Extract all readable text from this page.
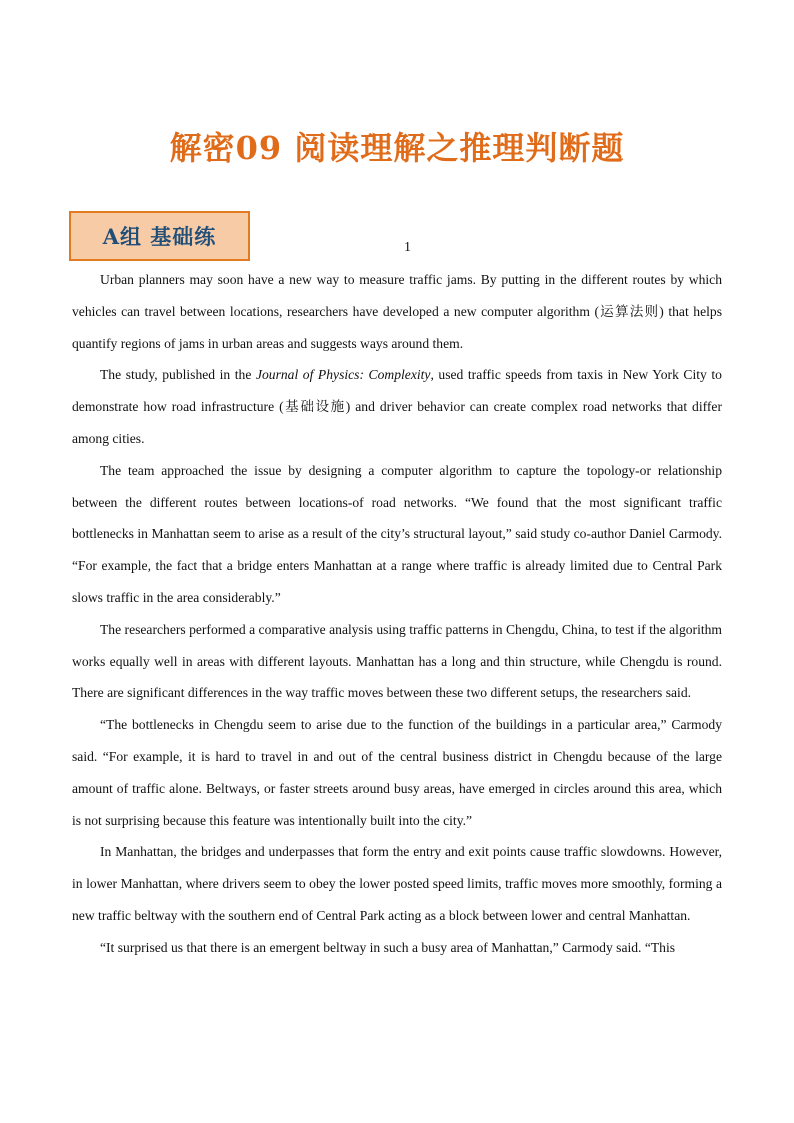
解密09 阅读理解之推理判断题
A组 基础练	1

Urban planners may soon have a new way to measure traffic jams. By putting in the different routes by which vehicles can travel between locations, researchers have developed a new computer algorithm (运算法则) that helps quantify regions of jams in urban areas and suggests ways around them.

The study, published in the Journal of Physics: Complexity, used traffic speeds from taxis in New York City to demonstrate how road infrastructure (基础设施) and driver behavior can create complex road networks that differ among cities.

The team approached the issue by designing a computer algorithm to capture the topology-or relationship between the different routes between locations-of road networks. “We found that the most significant traffic bottlenecks in Manhattan seem to arise as a result of the city’s structural layout,” said study co-author Daniel Carmody. “For example, the fact that a bridge enters Manhattan at a range where traffic is already limited due to Central Park slows traffic in the area considerably.”

The researchers performed a comparative analysis using traffic patterns in Chengdu, China, to test if the algorithm works equally well in areas with different layouts. Manhattan has a long and thin structure, while Chengdu is round. There are significant differences in the way traffic moves between these two different setups, the researchers said.

“The bottlenecks in Chengdu seem to arise due to the function of the buildings in a particular area,” Carmody said. “For example, it is hard to travel in and out of the central business district in Chengdu because of the large amount of traffic alone. Beltways, or faster streets around busy areas, have emerged in circles around this area, which is not surprising because this feature was intentionally built into the city.”

In Manhattan, the bridges and underpasses that form the entry and exit points cause traffic slowdowns. However, in lower Manhattan, where drivers seem to obey the lower posted speed limits, traffic moves more smoothly, forming a new traffic beltway with the southern end of Central Park acting as a block between lower and central Manhattan.

“It surprised us that there is an emergent beltway in such a busy area of Manhattan,” Carmody said. “This
